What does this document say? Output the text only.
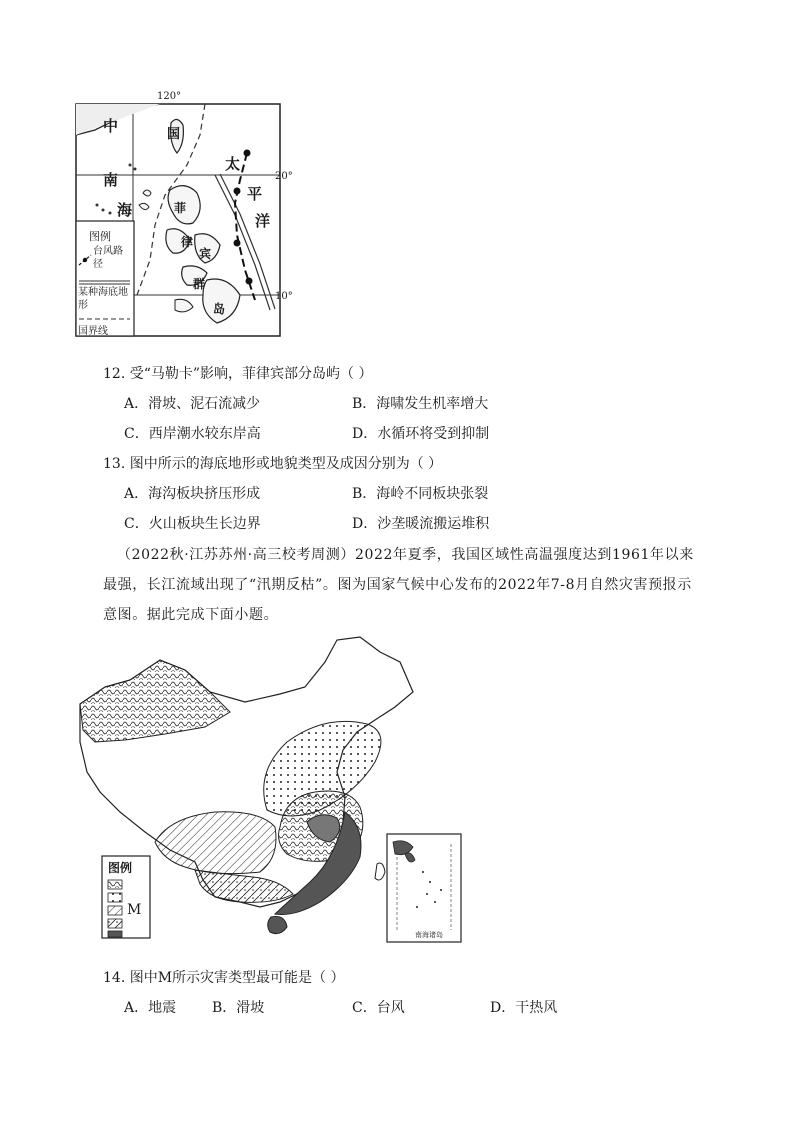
120°
20°
10°
中	国
南
海	菲
律
宾
群
岛
太
平
洋
图例
台风路径
某种海底地形
国界线
12. 受“马勒卡”影响，菲律宾部分岛屿（ ）
A．滑坡、泥石流减少	B．海啸发生机率增大
C．西岸潮水较东岸高	D．水循环将受到抑制
13. 图中所示的海底地形或地貌类型及成因分别为（ ）
A．海沟板块挤压形成	B．海岭不同板块张裂
C．火山板块生长边界	D．沙垄暖流搬运堆积
（2022秋·江苏苏州·高三校考周测）2022年夏季，我国区域性高温强度达到1961年以来最强，长江流域出现了“汛期反枯”。图为国家气候中心发布的2022年7-8月自然灾害预报示意图。据此完成下面小题。
图例
M
南海诸岛
14. 图中M所示灾害类型最可能是（ ）
A．地震	B．滑坡	C．台风	D．干热风
